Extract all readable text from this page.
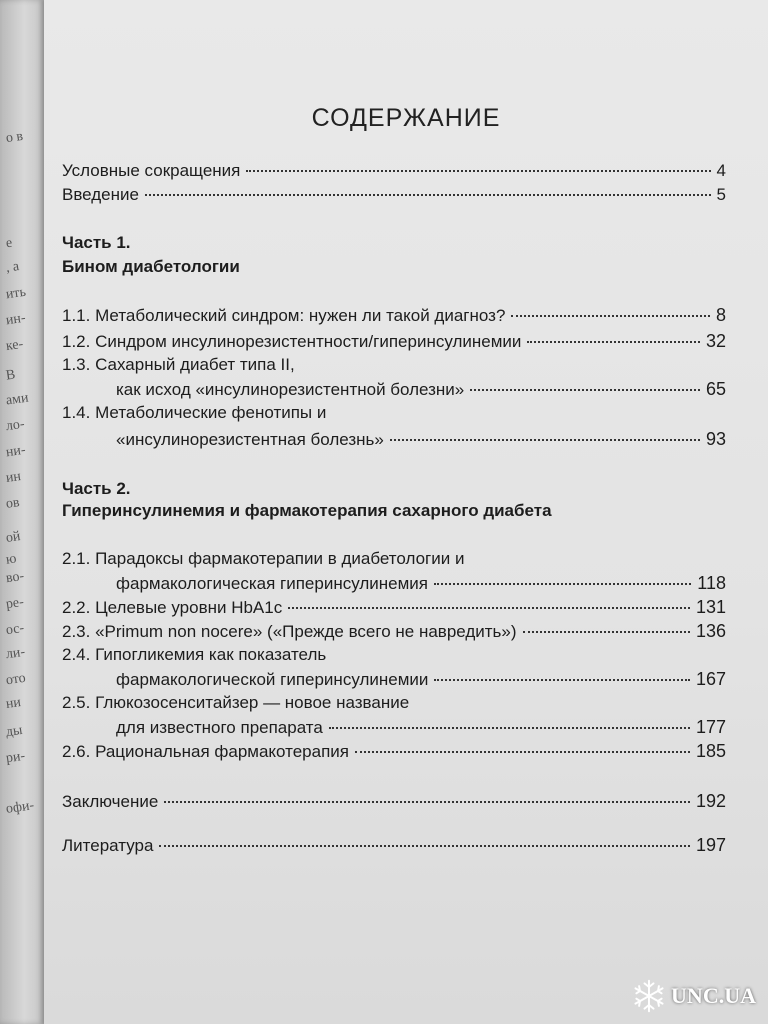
о в
е
, а
ить
ин-
ке-
В
ами
ло-
ни-
ин
ов
ой
ю
во-
ре-
ос-
ли-
ото
ни
ды
ри-
офи-
СОДЕРЖАНИЕ
Условные сокращения	4
Введение	5
Часть 1.
Бином диабетологии
1.1. Метаболический синдром: нужен ли такой диагноз?	8
1.2. Синдром инсулинорезистентности/гиперинсулинемии	32
1.3. Сахарный диабет типа II,
как исход «инсулинорезистентной болезни»	65
1.4. Метаболические фенотипы и
«инсулинорезистентная болезнь»	93
Часть 2.
Гиперинсулинемия и фармакотерапия сахарного диабета
2.1. Парадоксы фармакотерапии в диабетологии и
фармакологическая гиперинсулинемия	118
2.2. Целевые уровни HbA1c	131
2.3. «Primum non nocere» («Прежде всего не навредить»)	136
2.4. Гипогликемия как показатель
фармакологической гиперинсулинемии	167
2.5. Глюкозосенситайзер — новое название
для известного препарата	177
2.6. Рациональная фармакотерапия	185
Заключение	192
Литература	197
UNC.UA
